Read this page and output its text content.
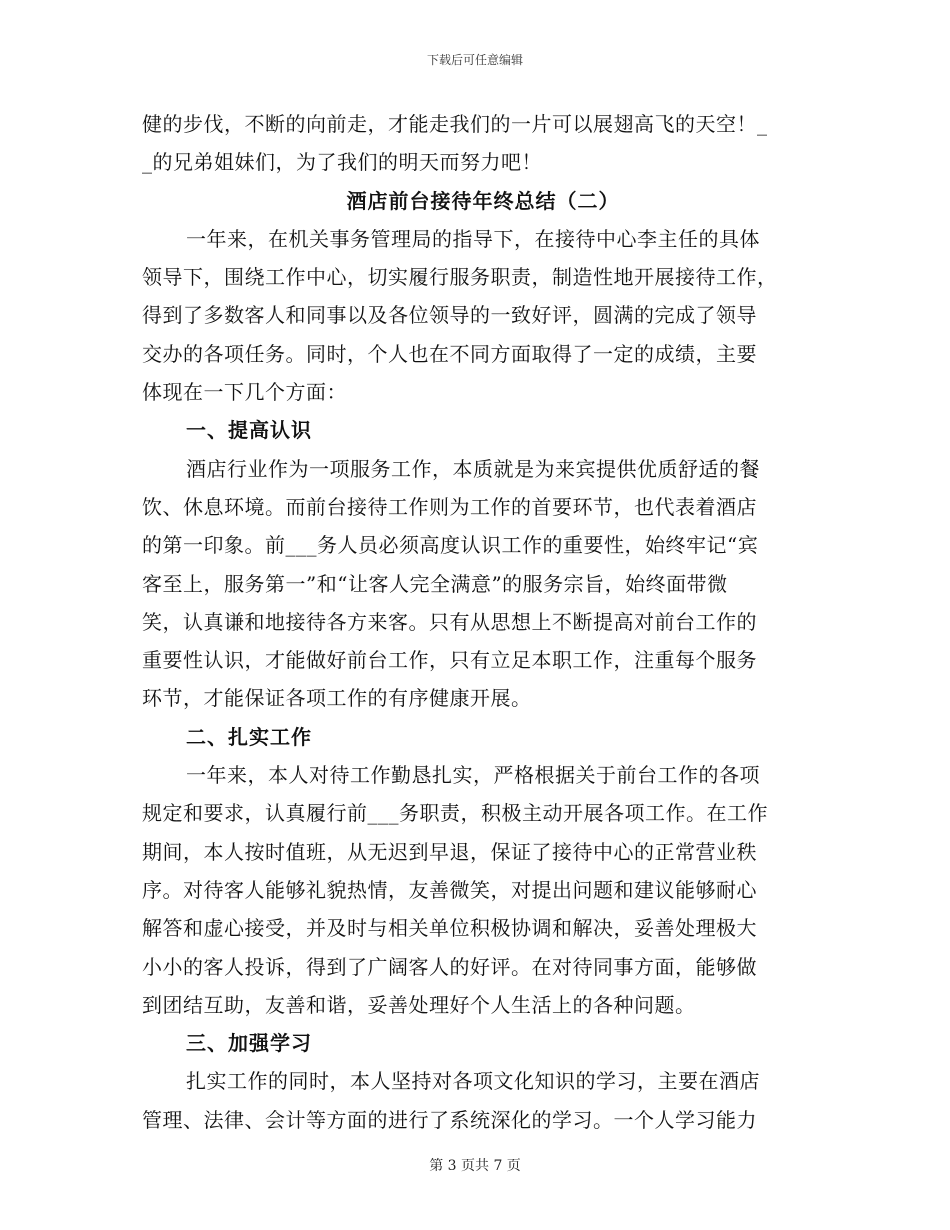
下载后可任意编辑
健的步伐，不断的向前走，才能走我们的一片可以展翅高飞的天空！_
_的兄弟姐妹们，为了我们的明天而努力吧！
酒店前台接待年终总结（二）
一年来，在机关事务管理局的指导下，在接待中心李主任的具体
领导下，围绕工作中心，切实履行服务职责，制造性地开展接待工作，
得到了多数客人和同事以及各位领导的一致好评，圆满的完成了领导
交办的各项任务。同时，个人也在不同方面取得了一定的成绩，主要
体现在一下几个方面：
一、提高认识
酒店行业作为一项服务工作，本质就是为来宾提供优质舒适的餐
饮、休息环境。而前台接待工作则为工作的首要环节，也代表着酒店
的第一印象。前___务人员必须高度认识工作的重要性，始终牢记“宾
客至上，服务第一”和“让客人完全满意”的服务宗旨，始终面带微
笑，认真谦和地接待各方来客。只有从思想上不断提高对前台工作的
重要性认识，才能做好前台工作，只有立足本职工作，注重每个服务
环节，才能保证各项工作的有序健康开展。
二、扎实工作
一年来，本人对待工作勤恳扎实，严格根据关于前台工作的各项
规定和要求，认真履行前___务职责，积极主动开展各项工作。在工作
期间，本人按时值班，从无迟到早退，保证了接待中心的正常营业秩
序。对待客人能够礼貌热情，友善微笑，对提出问题和建议能够耐心
解答和虚心接受，并及时与相关单位积极协调和解决，妥善处理极大
小小的客人投诉，得到了广阔客人的好评。在对待同事方面，能够做
到团结互助，友善和谐，妥善处理好个人生活上的各种问题。
三、加强学习
扎实工作的同时，本人坚持对各项文化知识的学习，主要在酒店
管理、法律、会计等方面的进行了系统深化的学习。一个人学习能力
第 3 页共 7 页
